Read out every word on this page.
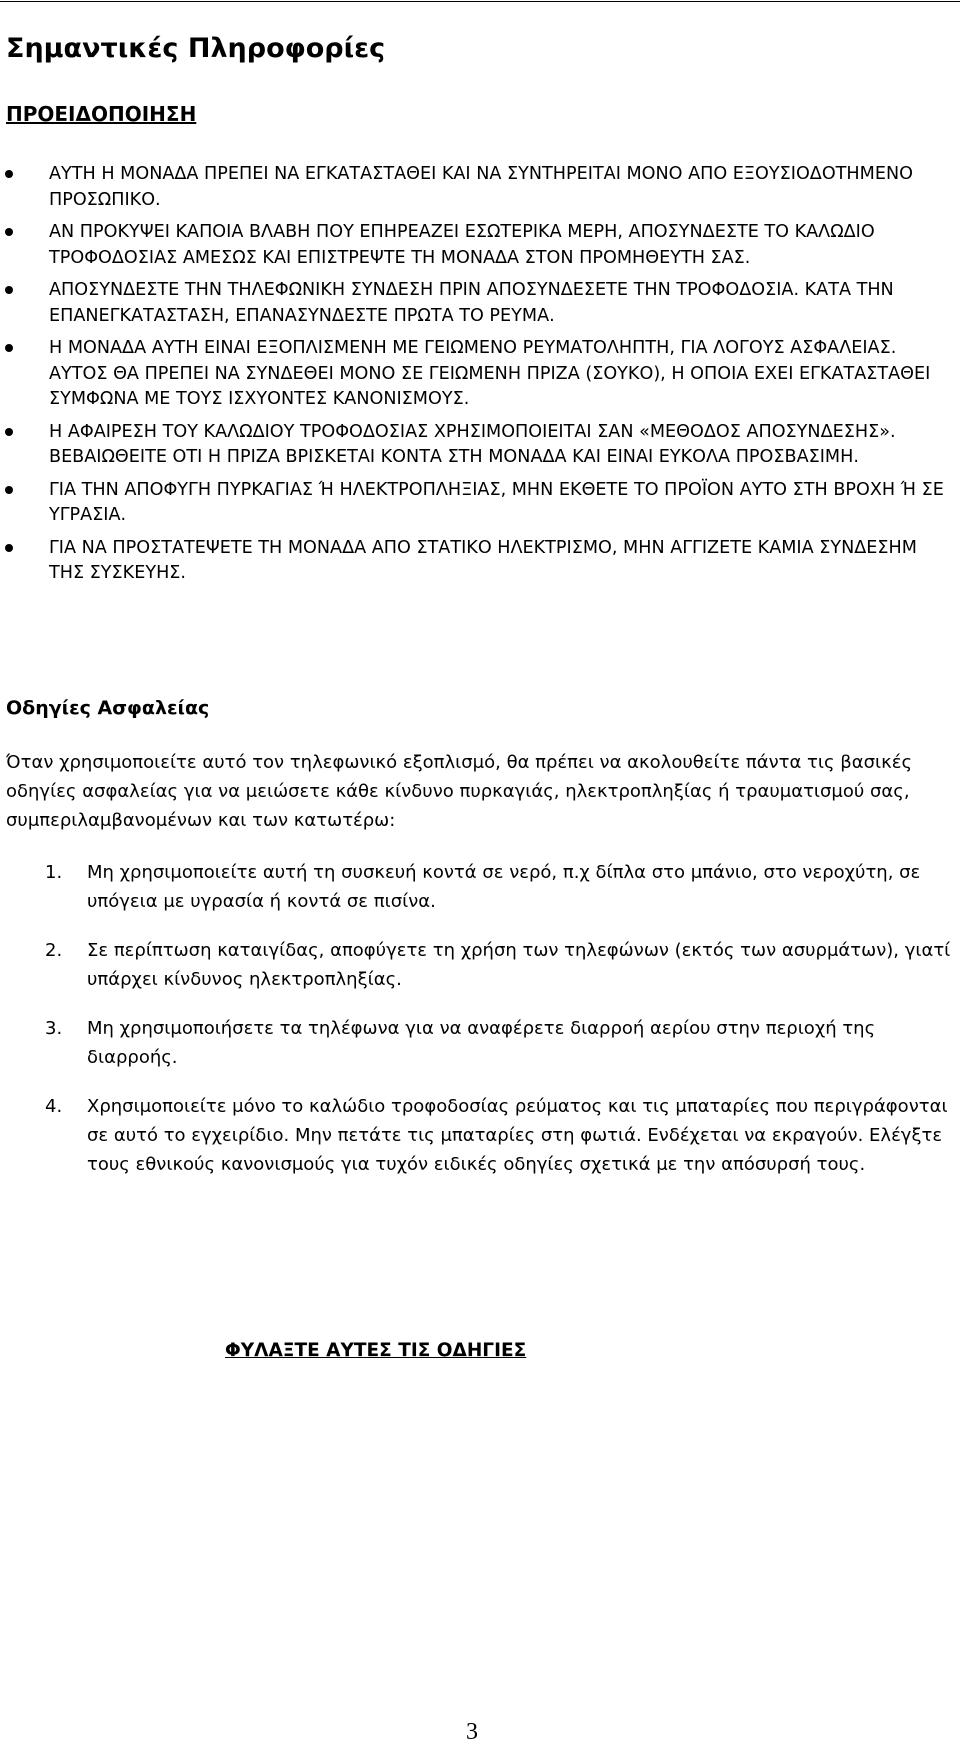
Σημαντικές Πληροφορίες
ΠΡΟΕΙΔΟΠΟΙΗΣΗ
ΑΥΤΗ Η ΜΟΝΑΔΑ ΠΡΕΠΕΙ ΝΑ ΕΓΚΑΤΑΣΤΑΘΕΙ ΚΑΙ ΝΑ ΣΥΝΤΗΡΕΙΤΑΙ ΜΟΝΟ ΑΠΟ ΕΞΟΥΣΙΟΔΟΤΗΜΕΝΟ ΠΡΟΣΩΠΙΚΟ.
ΑΝ ΠΡΟΚΥΨΕΙ ΚΑΠΟΙΑ ΒΛΑΒΗ ΠΟΥ ΕΠΗΡΕΑΖΕΙ ΕΣΩΤΕΡΙΚΑ ΜΕΡΗ, ΑΠΟΣΥΝΔΕΣΤΕ ΤΟ ΚΑΛΩΔΙΟ ΤΡΟΦΟΔΟΣΙΑΣ ΑΜΕΣΩΣ ΚΑΙ ΕΠΙΣΤΡΕΨΤΕ ΤΗ ΜΟΝΑΔΑ ΣΤΟΝ ΠΡΟΜΗΘΕΥΤΗ ΣΑΣ.
ΑΠΟΣΥΝΔΕΣΤΕ ΤΗΝ ΤΗΛΕΦΩΝΙΚΗ ΣΥΝΔΕΣΗ ΠΡΙΝ ΑΠΟΣΥΝΔΕΣΕΤΕ ΤΗΝ ΤΡΟΦΟΔΟΣΙΑ. ΚΑΤΑ ΤΗΝ ΕΠΑΝΕΓΚΑΤΑΣΤΑΣΗ, ΕΠΑΝΑΣΥΝΔΕΣΤΕ ΠΡΩΤΑ ΤΟ ΡΕΥΜΑ.
Η ΜΟΝΑΔΑ ΑΥΤΗ ΕΙΝΑΙ ΕΞΟΠΛΙΣΜΕΝΗ ΜΕ ΓΕΙΩΜΕΝΟ ΡΕΥΜΑΤΟΛΗΠΤΗ, ΓΙΑ ΛΟΓΟΥΣ ΑΣΦΑΛΕΙΑΣ. ΑΥΤΟΣ ΘΑ ΠΡΕΠΕΙ ΝΑ ΣΥΝΔΕΘΕΙ ΜΟΝΟ ΣΕ ΓΕΙΩΜΕΝΗ ΠΡΙΖΑ (ΣΟΥΚΟ), Η ΟΠΟΙΑ ΕΧΕΙ ΕΓΚΑΤΑΣΤΑΘΕΙ ΣΥΜΦΩΝΑ ΜΕ ΤΟΥΣ ΙΣΧΥΟΝΤΕΣ ΚΑΝΟΝΙΣΜΟΥΣ.
Η ΑΦΑΙΡΕΣΗ ΤΟΥ ΚΑΛΩΔΙΟΥ ΤΡΟΦΟΔΟΣΙΑΣ ΧΡΗΣΙΜΟΠΟΙΕΙΤΑΙ ΣΑΝ «ΜΕΘΟΔΟΣ ΑΠΟΣΥΝΔΕΣΗΣ». ΒΕΒΑΙΩΘΕΙΤΕ ΟΤΙ Η ΠΡΙΖΑ ΒΡΙΣΚΕΤΑΙ ΚΟΝΤΑ ΣΤΗ ΜΟΝΑΔΑ ΚΑΙ ΕΙΝΑΙ ΕΥΚΟΛΑ ΠΡΟΣΒΑΣΙΜΗ.
ΓΙΑ ΤΗΝ ΑΠΟΦΥΓΗ ΠΥΡΚΑΓΙΑΣ Ή ΗΛΕΚΤΡΟΠΛΗΞΙΑΣ, ΜΗΝ ΕΚΘΕΤΕ ΤΟ ΠΡΟΪΟΝ ΑΥΤΟ ΣΤΗ ΒΡΟΧΗ Ή ΣΕ ΥΓΡΑΣΙΑ.
ΓΙΑ ΝΑ ΠΡΟΣΤΑΤΕΨΕΤΕ ΤΗ ΜΟΝΑΔΑ ΑΠΟ ΣΤΑΤΙΚΟ ΗΛΕΚΤΡΙΣΜΟ, ΜΗΝ ΑΓΓΙΖΕΤΕ ΚΑΜΙΑ ΣΥΝΔΕΣΗΜ ΤΗΣ ΣΥΣΚΕΥΗΣ.
Οδηγίες Ασφαλείας

Όταν χρησιμοποιείτε αυτό τον τηλεφωνικό εξοπλισμό, θα πρέπει να ακολουθείτε πάντα τις βασικές οδηγίες ασφαλείας για να μειώσετε κάθε κίνδυνο πυρκαγιάς, ηλεκτροπληξίας ή τραυματισμού σας, συμπεριλαμβανομένων και των κατωτέρω:

1. Μη χρησιμοποιείτε αυτή τη συσκευή κοντά σε νερό, π.χ δίπλα στο μπάνιο, στο νεροχύτη, σε υπόγεια με υγρασία ή κοντά σε πισίνα.
2. Σε περίπτωση καταιγίδας, αποφύγετε τη χρήση των τηλεφώνων (εκτός των ασυρμάτων), γιατί υπάρχει κίνδυνος ηλεκτροπληξίας.
3. Μη χρησιμοποιήσετε τα τηλέφωνα για να αναφέρετε διαρροή αερίου στην περιοχή της διαρροής.
4. Χρησιμοποιείτε μόνο το καλώδιο τροφοδοσίας ρεύματος και τις μπαταρίες που περιγράφονται σε αυτό το εγχειρίδιο. Μην πετάτε τις μπαταρίες στη φωτιά. Ενδέχεται να εκραγούν. Ελέγξτε τους εθνικούς κανονισμούς για τυχόν ειδικές οδηγίες σχετικά με την απόσυρσή τους.

ΦΥΛΑΞΤΕ ΑΥΤΕΣ ΤΙΣ ΟΔΗΓΙΕΣ

3
